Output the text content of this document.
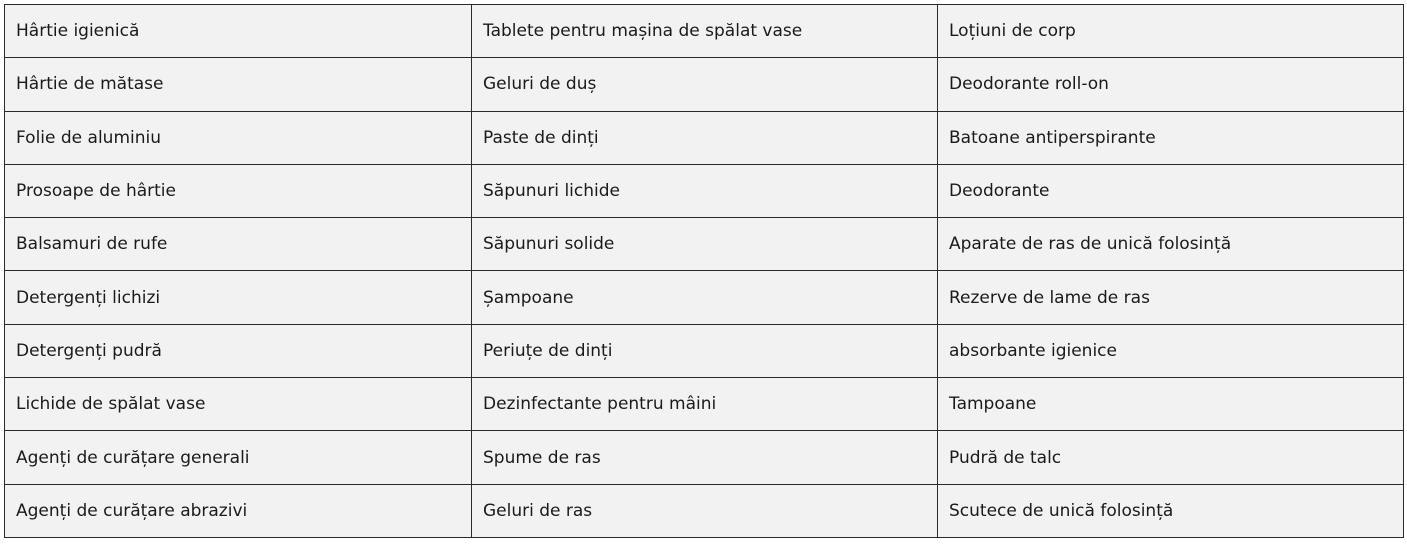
Hârtie igienică	Tablete pentru mașina de spălat vase	Loțiuni de corp
Hârtie de mătase	Geluri de duș	Deodorante roll-on
Folie de aluminiu	Paste de dinți	Batoane antiperspirante
Prosoape de hârtie	Săpunuri lichide	Deodorante
Balsamuri de rufe	Săpunuri solide	Aparate de ras de unică folosință
Detergenți lichizi	Șampoane	Rezerve de lame de ras
Detergenți pudră	Periuțe de dinți	absorbante igienice
Lichide de spălat vase	Dezinfectante pentru mâini	Tampoane
Agenți de curățare generali	Spume de ras	Pudră de talc
Agenți de curățare abrazivi	Geluri de ras	Scutece de unică folosință
